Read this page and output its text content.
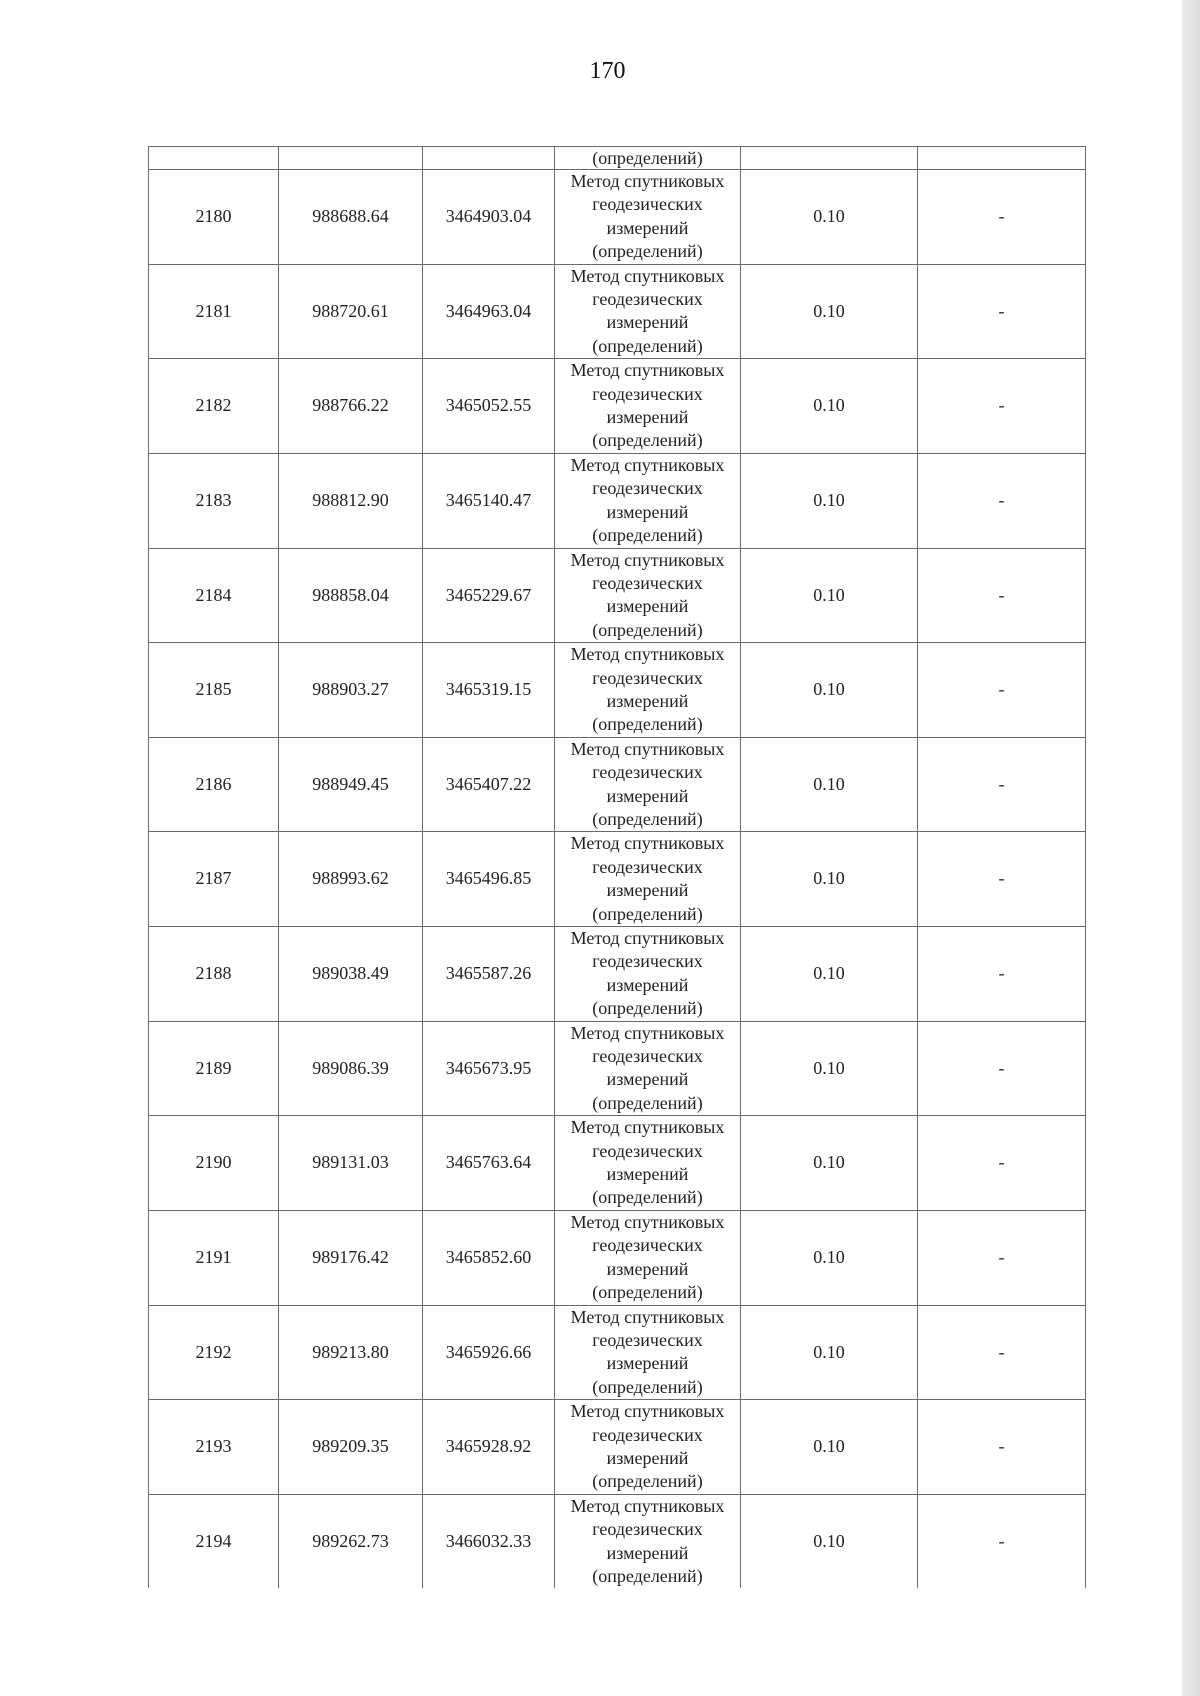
170
			(определений)		
2180	988688.64	3464903.04	Метод спутниковых геодезических измерений (определений)	0.10	-
2181	988720.61	3464963.04	Метод спутниковых геодезических измерений (определений)	0.10	-
2182	988766.22	3465052.55	Метод спутниковых геодезических измерений (определений)	0.10	-
2183	988812.90	3465140.47	Метод спутниковых геодезических измерений (определений)	0.10	-
2184	988858.04	3465229.67	Метод спутниковых геодезических измерений (определений)	0.10	-
2185	988903.27	3465319.15	Метод спутниковых геодезических измерений (определений)	0.10	-
2186	988949.45	3465407.22	Метод спутниковых геодезических измерений (определений)	0.10	-
2187	988993.62	3465496.85	Метод спутниковых геодезических измерений (определений)	0.10	-
2188	989038.49	3465587.26	Метод спутниковых геодезических измерений (определений)	0.10	-
2189	989086.39	3465673.95	Метод спутниковых геодезических измерений (определений)	0.10	-
2190	989131.03	3465763.64	Метод спутниковых геодезических измерений (определений)	0.10	-
2191	989176.42	3465852.60	Метод спутниковых геодезических измерений (определений)	0.10	-
2192	989213.80	3465926.66	Метод спутниковых геодезических измерений (определений)	0.10	-
2193	989209.35	3465928.92	Метод спутниковых геодезических измерений (определений)	0.10	-
2194	989262.73	3466032.33	Метод спутниковых геодезических измерений (определений)	0.10	-
